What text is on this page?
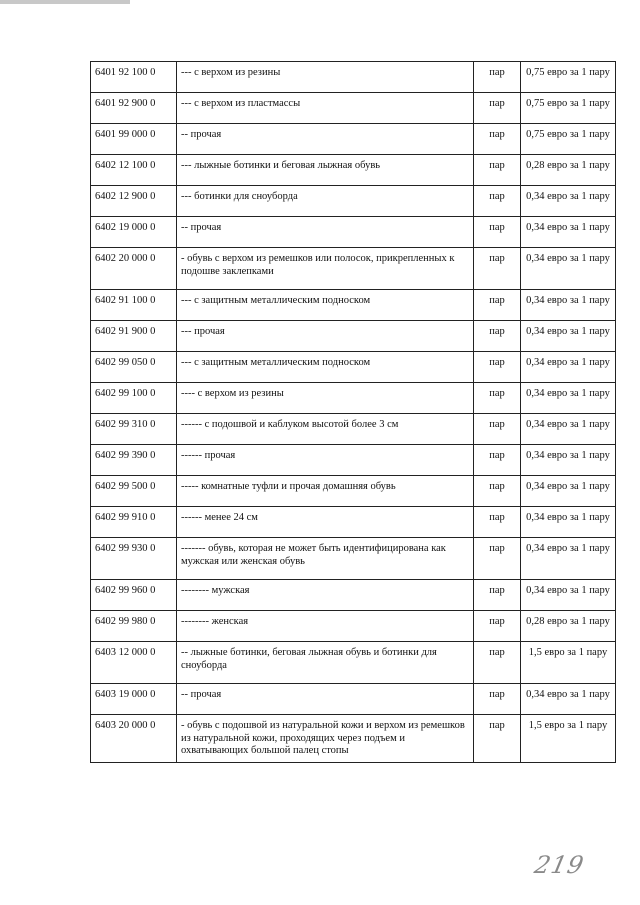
6401 92 100 0	--- с верхом из резины	пар	0,75 евро за 1 пару
6401 92 900 0	--- с верхом из пластмассы	пар	0,75 евро за 1 пару
6401 99 000 0	-- прочая	пар	0,75 евро за 1 пару
6402 12 100 0	--- лыжные ботинки и беговая лыжная обувь	пар	0,28 евро за 1 пару
6402 12 900 0	--- ботинки для сноуборда	пар	0,34 евро за 1 пару
6402 19 000 0	-- прочая	пар	0,34 евро за 1 пару
6402 20 000 0	- обувь с верхом из ремешков или полосок, прикрепленных к подошве заклепками	пар	0,34 евро за 1 пару
6402 91 100 0	--- с защитным металлическим подноском	пар	0,34 евро за 1 пару
6402 91 900 0	--- прочая	пар	0,34 евро за 1 пару
6402 99 050 0	--- с защитным металлическим подноском	пар	0,34 евро за 1 пару
6402 99 100 0	---- с верхом из резины	пар	0,34 евро за 1 пару
6402 99 310 0	------ с подошвой и каблуком высотой более 3 см	пар	0,34 евро за 1 пару
6402 99 390 0	------ прочая	пар	0,34 евро за 1 пару
6402 99 500 0	----- комнатные туфли и прочая домашняя обувь	пар	0,34 евро за 1 пару
6402 99 910 0	------ менее 24 см	пар	0,34 евро за 1 пару
6402 99 930 0	------- обувь, которая не может быть идентифицирована как мужская или женская обувь	пар	0,34 евро за 1 пару
6402 99 960 0	-------- мужская	пар	0,34 евро за 1 пару
6402 99 980 0	-------- женская	пар	0,28 евро за 1 пару
6403 12 000 0	-- лыжные ботинки, беговая лыжная обувь и ботинки для сноуборда	пар	1,5 евро за 1 пару
6403 19 000 0	-- прочая	пар	0,34 евро за 1 пару
6403 20 000 0	- обувь с подошвой из натуральной кожи и верхом из ремешков из натуральной кожи, проходящих через подъем и охватывающих большой палец стопы	пар	1,5 евро за 1 пару
219
